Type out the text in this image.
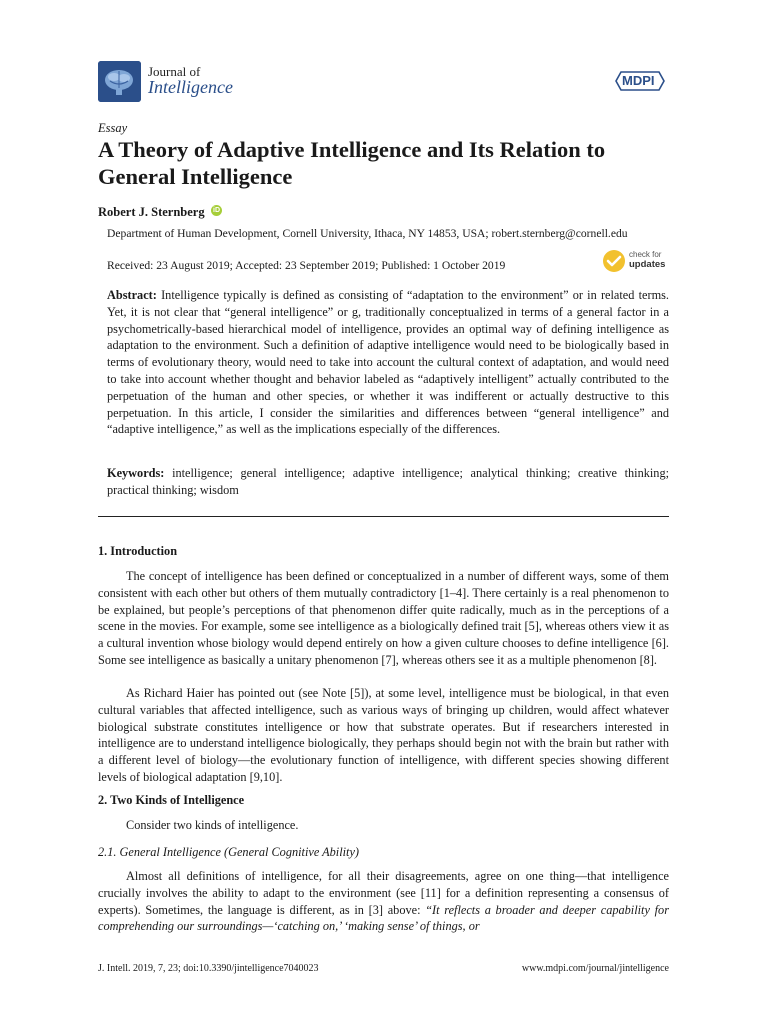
Journal of
Intelligence	MDPI
Essay
A Theory of Adaptive Intelligence and Its Relation to
General Intelligence
Robert J. Sternberg iD
Department of Human Development, Cornell University, Ithaca, NY 14853, USA; robert.sternberg@cornell.edu
Received: 23 August 2019; Accepted: 23 September 2019; Published: 1 October 2019
check for
updates
Abstract: Intelligence typically is defined as consisting of “adaptation to the environment” or in related terms. Yet, it is not clear that “general intelligence” or g, traditionally conceptualized in terms of a general factor in a psychometrically-based hierarchical model of intelligence, provides an optimal way of defining intelligence as adaptation to the environment. Such a definition of adaptive intelligence would need to be biologically based in terms of evolutionary theory, would need to take into account the cultural context of adaptation, and would need to take into account whether thought and behavior labeled as “adaptively intelligent” actually contributed to the perpetuation of the human and other species, or whether it was indifferent or actually destructive to this perpetuation. In this article, I consider the similarities and differences between “general intelligence” and “adaptive intelligence,” as well as the implications especially of the differences.
Keywords: intelligence; general intelligence; adaptive intelligence; analytical thinking; creative thinking; practical thinking; wisdom
1. Introduction
The concept of intelligence has been defined or conceptualized in a number of different ways, some of them consistent with each other but others of them mutually contradictory [1–4]. There certainly is a real phenomenon to be explained, but people’s perceptions of that phenomenon differ quite radically, much as in the perceptions of a scene in the movies. For example, some see intelligence as a biologically defined trait [5], whereas others view it as a cultural invention whose biology would depend entirely on how a given culture chooses to define intelligence [6]. Some see intelligence as basically a unitary phenomenon [7], whereas others see it as a multiple phenomenon [8].
As Richard Haier has pointed out (see Note [5]), at some level, intelligence must be biological, in that even cultural variables that affected intelligence, such as various ways of bringing up children, would affect whatever biological substrate constitutes intelligence or how that substrate operates. But if researchers interested in intelligence are to understand intelligence biologically, they perhaps should begin not with the brain but rather with a different level of biology—the evolutionary function of intelligence, with different species showing different levels of biological adaptation [9,10].
2. Two Kinds of Intelligence
Consider two kinds of intelligence.
2.1. General Intelligence (General Cognitive Ability)
Almost all definitions of intelligence, for all their disagreements, agree on one thing—that intelligence crucially involves the ability to adapt to the environment (see [11] for a definition representing a consensus of experts). Sometimes, the language is different, as in [3] above: “It reflects a broader and deeper capability for comprehending our surroundings—‘catching on,’ ‘making sense’ of things, or
J. Intell. 2019, 7, 23; doi:10.3390/jintelligence7040023	www.mdpi.com/journal/jintelligence
